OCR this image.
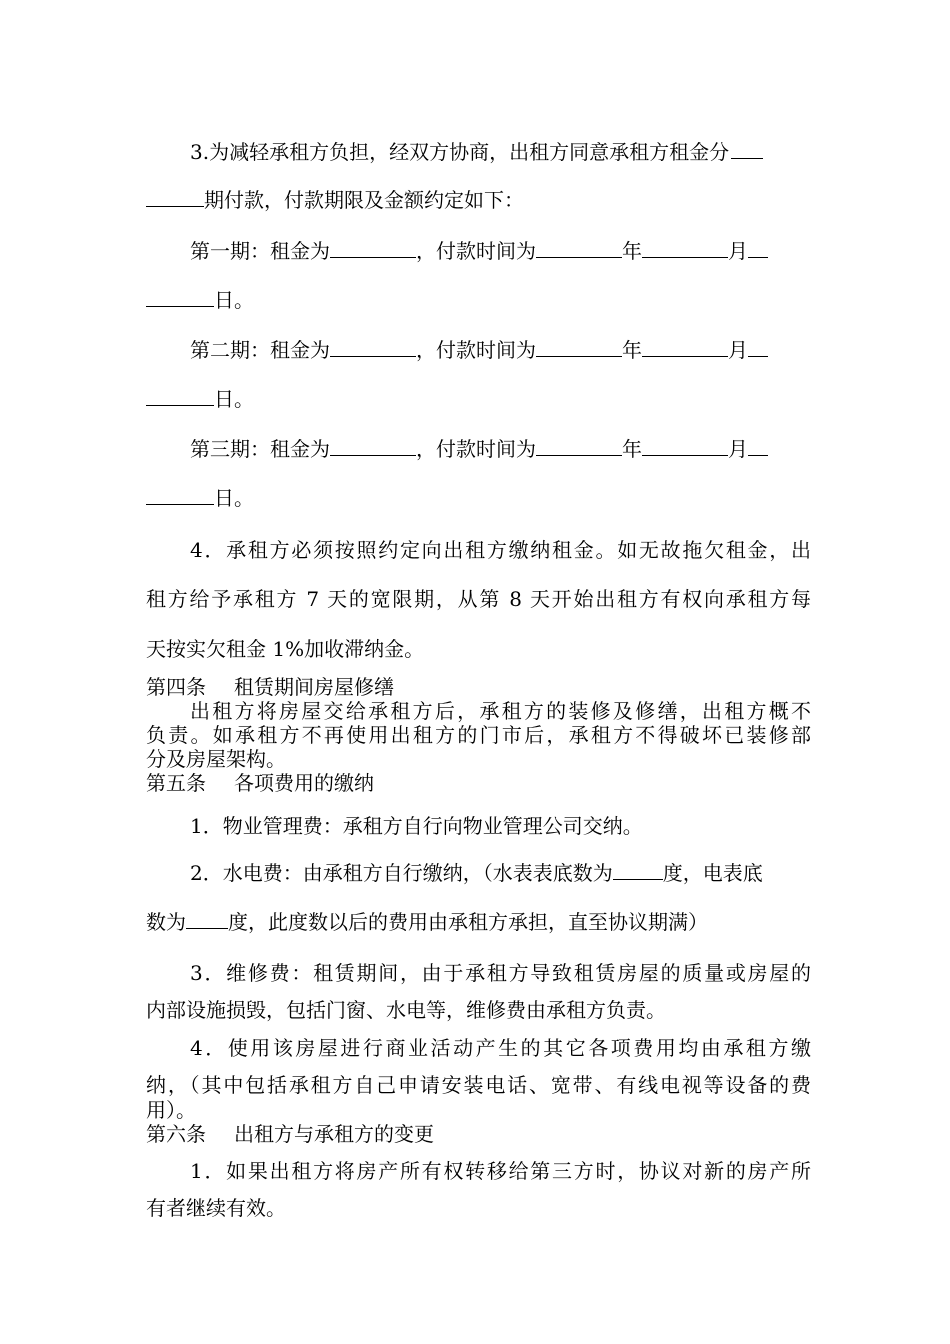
3.为减轻承租方负担，经双方协商，出租方同意承租方租金分
期付款，付款期限及金额约定如下：
第一期：租金为	，付款时间为	年	月
日。
第二期：租金为	，付款时间为	年	月
日。
第三期：租金为	，付款时间为	年	月
日。
4．承租方必须按照约定向出租方缴纳租金。如无故拖欠租金，出
租方给予承租方 7 天的宽限期，从第 8 天开始出租方有权向承租方每
天按实欠租金 1%加收滞纳金。
第四条 租赁期间房屋修缮
出租方将房屋交给承租方后，承租方的装修及修缮，出租方概不
负责。如承租方不再使用出租方的门市后，承租方不得破坏已装修部
分及房屋架构。
第五条 各项费用的缴纳
1．物业管理费：承租方自行向物业管理公司交纳。
2．水电费：由承租方自行缴纳，（水表表底数为	度，电表底
数为 度，此度数以后的费用由承租方承担，直至协议期满）
3．维修费：租赁期间，由于承租方导致租赁房屋的质量或房屋的
内部设施损毁，包括门窗、水电等，维修费由承租方负责。
4．使用该房屋进行商业活动产生的其它各项费用均由承租方缴
纳，（其中包括承租方自己申请安装电话、宽带、有线电视等设备的费
用）。
第六条 出租方与承租方的变更
1．如果出租方将房产所有权转移给第三方时，协议对新的房产所
有者继续有效。
